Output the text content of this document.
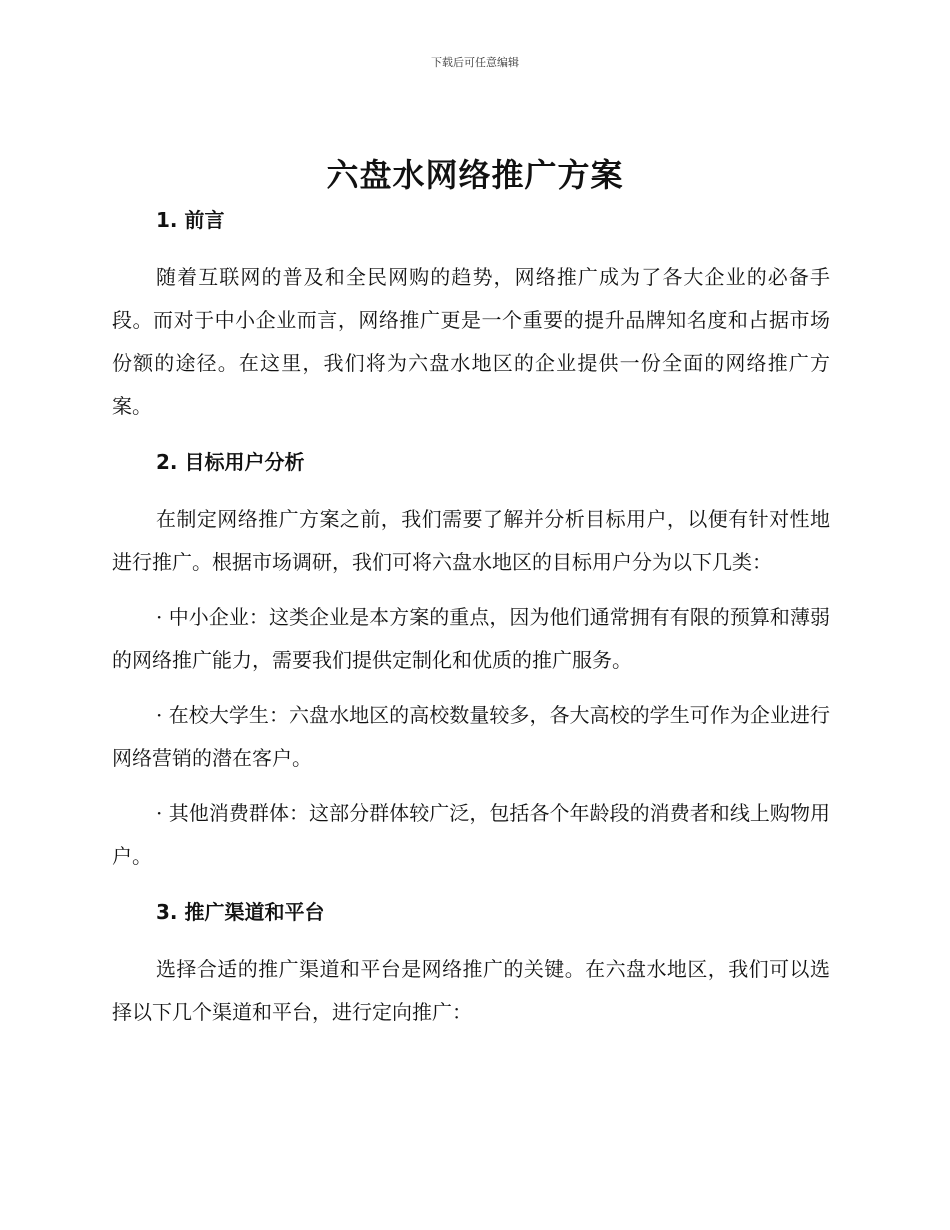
下载后可任意编辑
六盘水网络推广方案
1. 前言

随着互联网的普及和全民网购的趋势，网络推广成为了各大企业的必备手段。而对于中小企业而言，网络推广更是一个重要的提升品牌知名度和占据市场份额的途径。在这里，我们将为六盘水地区的企业提供一份全面的网络推广方案。

2. 目标用户分析

在制定网络推广方案之前，我们需要了解并分析目标用户，以便有针对性地进行推广。根据市场调研，我们可将六盘水地区的目标用户分为以下几类：

· 中小企业：这类企业是本方案的重点，因为他们通常拥有有限的预算和薄弱的网络推广能力，需要我们提供定制化和优质的推广服务。

· 在校大学生：六盘水地区的高校数量较多，各大高校的学生可作为企业进行网络营销的潜在客户。

· 其他消费群体：这部分群体较广泛，包括各个年龄段的消费者和线上购物用户。

3. 推广渠道和平台

选择合适的推广渠道和平台是网络推广的关键。在六盘水地区，我们可以选择以下几个渠道和平台，进行定向推广：
